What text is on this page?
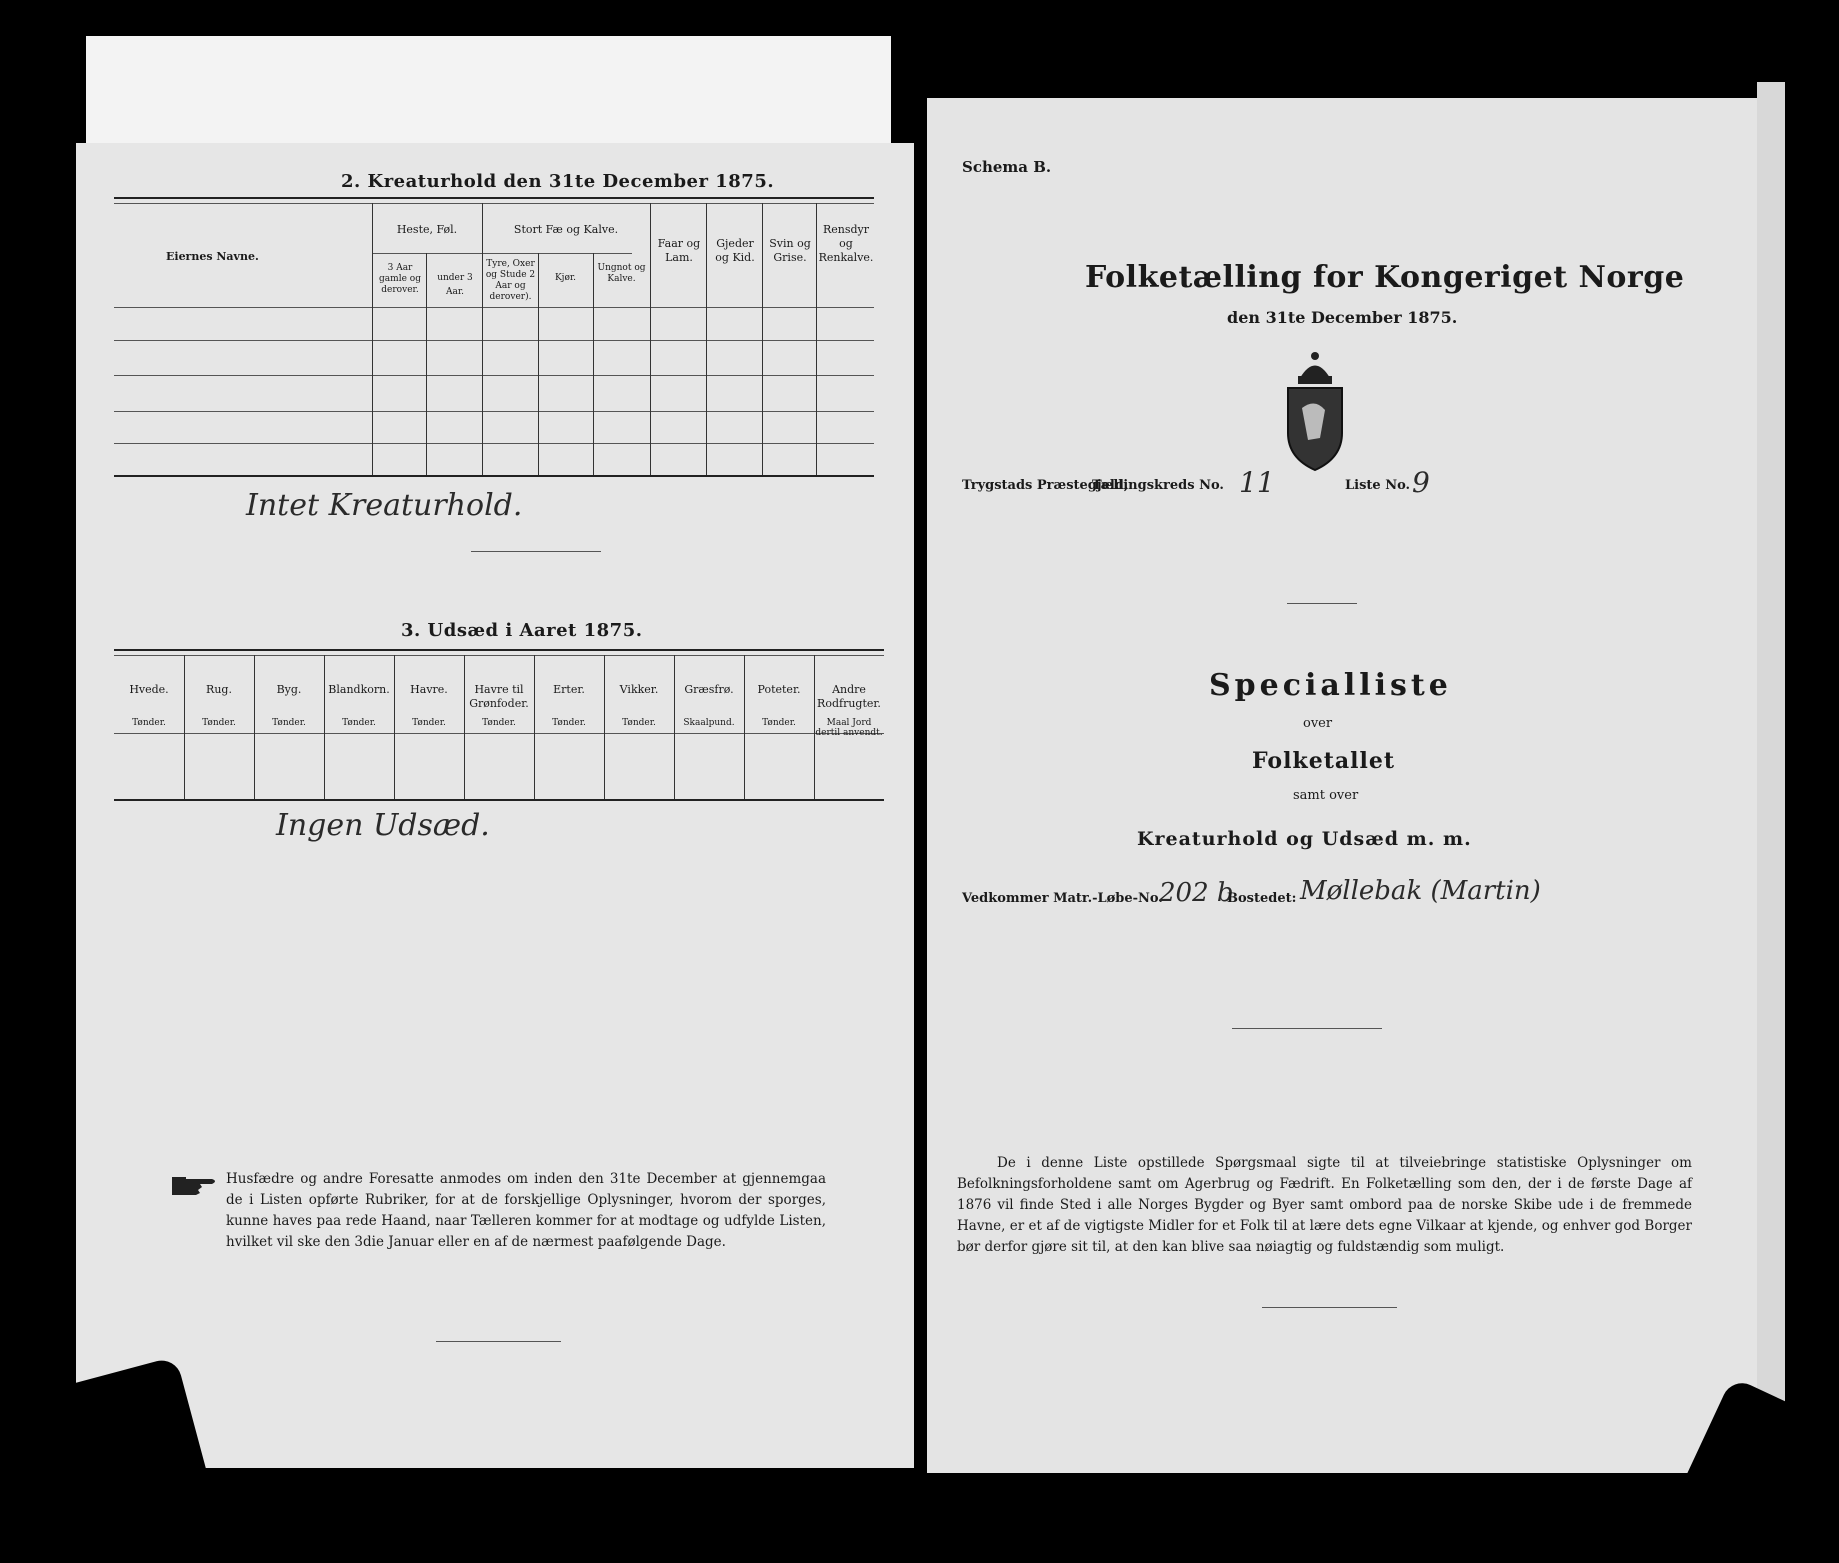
2. Kreaturhold den 31te December 1875.
Eiernes Navne.
Heste, Føl.
3 Aar gamle og derover.
under 3 Aar.
Stort Fæ og Kalve.
Tyre, Oxer og Stude 2 Aar og derover).
Kjør.
Ungnot og Kalve.
Faar og Lam.
Gjeder og Kid.
Svin og Grise.
Rensdyr og Renkalve.
Intet Kreaturhold.
3. Udsæd i Aaret 1875.
Ingen Udsæd.
Husfædre og andre Foresatte anmodes om inden den 31te December at gjennemgaa de i Listen opførte Rubriker, for at de forskjellige Oplysninger, hvorom der sporges, kunne haves paa rede Haand, naar Tælleren kommer for at modtage og udfylde Listen, hvilket vil ske den 3die Januar eller en af de nærmest paafølgende Dage.
Hvede.
Tønder.
Rug.
Tønder.
Byg.
Tønder.
Blandkorn.
Tønder.
Havre.
Tønder.
Havre til Grønfoder.
Tønder.
Erter.
Tønder.
Vikker.
Tønder.
Græsfrø.
Skaalpund.
Poteter.
Tønder.
Andre Rodfrugter.
Maal Jord dertil anvendt.
Schema B.
Folketælling for Kongeriget Norge
den 31te December 1875.
Trygstads Præstegjeld,
Tællingskreds No. 11	Liste No. 9
Specialliste
over
Folketallet
samt over
Kreaturhold og Udsæd m. m.
Vedkommer Matr.-Løbe-No.
202 b
Bostedet: Møllebak (Martin)
De i denne Liste opstillede Spørgsmaal sigte til at tilveiebringe statistiske Oplysninger om Befolkningsforholdene samt om Agerbrug og Fædrift. En Folketælling som den, der i de første Dage af 1876 vil finde Sted i alle Norges Bygder og Byer samt ombord paa de norske Skibe ude i de fremmede Havne, er et af de vigtigste Midler for et Folk til at lære dets egne Vilkaar at kjende, og enhver god Borger bør derfor gjøre sit til, at den kan blive saa nøiagtig og fuldstændig som muligt.
